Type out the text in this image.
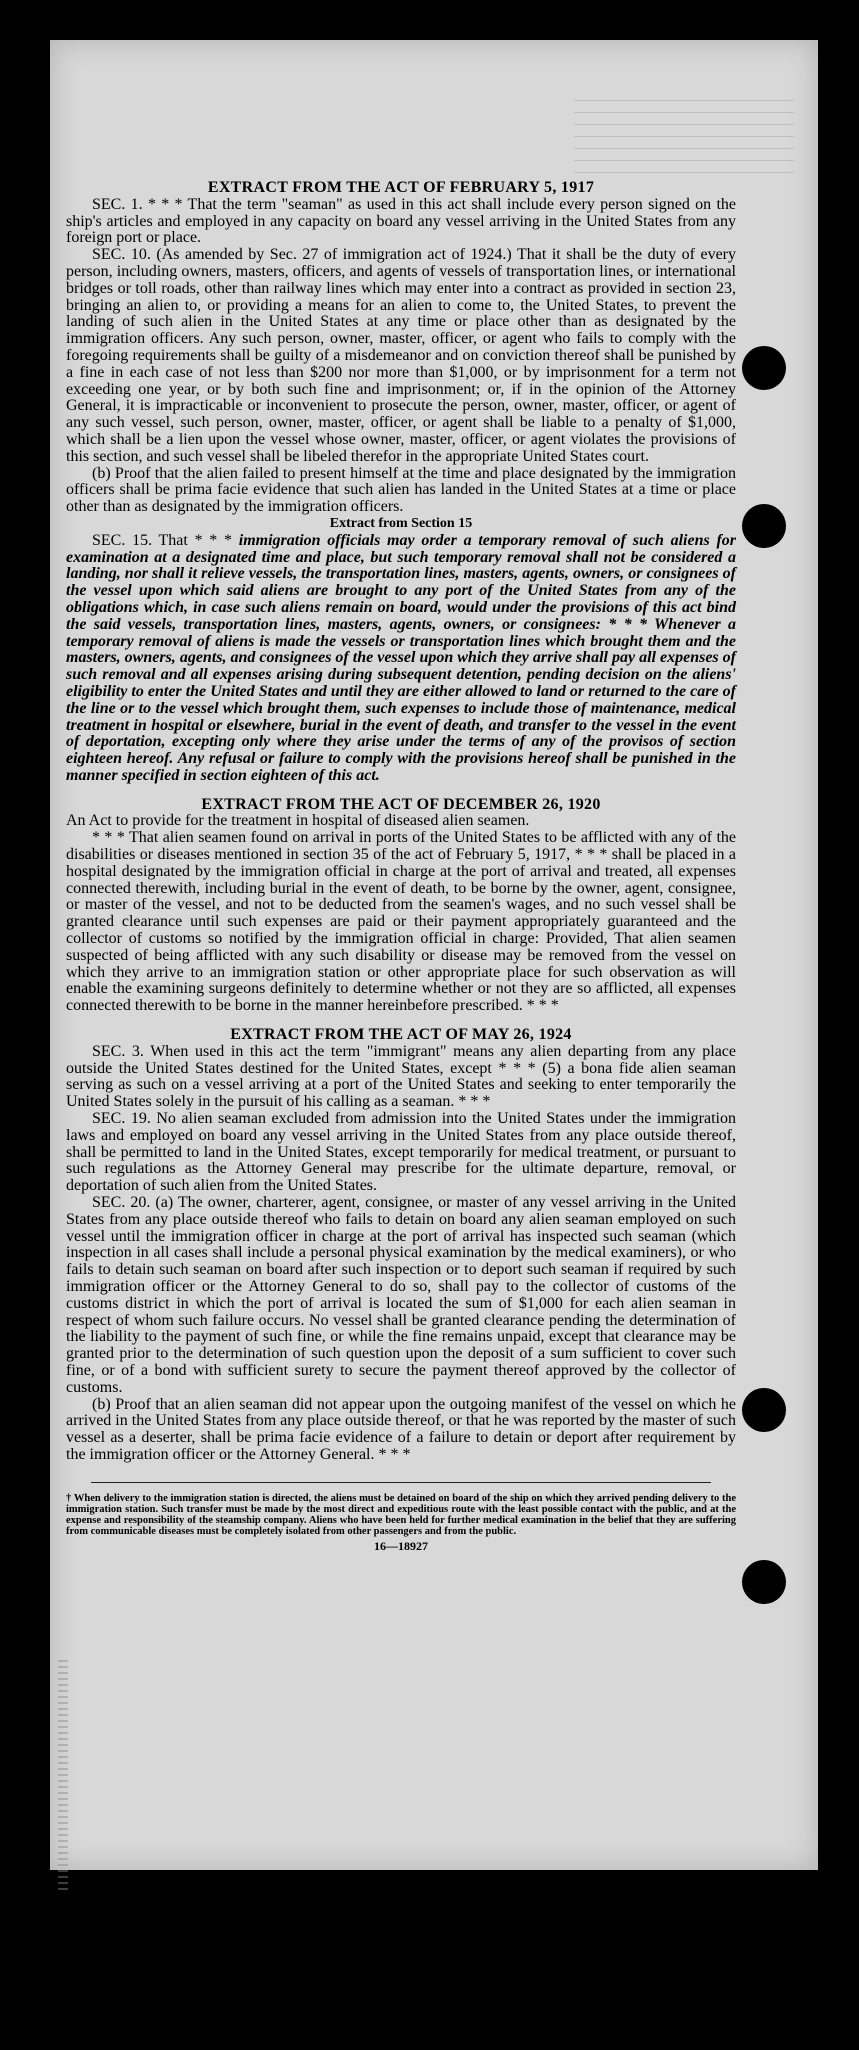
EXTRACT FROM THE ACT OF FEBRUARY 5, 1917

SEC. 1. * * * That the term "seaman" as used in this act shall include every person signed on the ship's articles and employed in any capacity on board any vessel arriving in the United States from any foreign port or place.

SEC. 10. (As amended by Sec. 27 of immigration act of 1924.) That it shall be the duty of every person, including owners, masters, officers, and agents of vessels of transportation lines, or international bridges or toll roads, other than railway lines which may enter into a contract as provided in section 23, bringing an alien to, or providing a means for an alien to come to, the United States, to prevent the landing of such alien in the United States at any time or place other than as designated by the immigration officers. Any such person, owner, master, officer, or agent who fails to comply with the foregoing requirements shall be guilty of a misdemeanor and on conviction thereof shall be punished by a fine in each case of not less than $200 nor more than $1,000, or by imprisonment for a term not exceeding one year, or by both such fine and imprisonment; or, if in the opinion of the Attorney General, it is impracticable or inconvenient to prosecute the person, owner, master, officer, or agent of any such vessel, such person, owner, master, officer, or agent shall be liable to a penalty of $1,000, which shall be a lien upon the vessel whose owner, master, officer, or agent violates the provisions of this section, and such vessel shall be libeled therefor in the appropriate United States court.

(b) Proof that the alien failed to present himself at the time and place designated by the immigration officers shall be prima facie evidence that such alien has landed in the United States at a time or place other than as designated by the immigration officers.

Extract from Section 15

SEC. 15. That * * * immigration officials may order a temporary removal of such aliens for examination at a designated time and place, but such temporary removal shall not be considered a landing, nor shall it relieve vessels, the transportation lines, masters, agents, owners, or consignees of the vessel upon which said aliens are brought to any port of the United States from any of the obligations which, in case such aliens remain on board, would under the provisions of this act bind the said vessels, transportation lines, masters, agents, owners, or consignees: * * * Whenever a temporary removal of aliens is made the vessels or transportation lines which brought them and the masters, owners, agents, and consignees of the vessel upon which they arrive shall pay all expenses of such removal and all expenses arising during subsequent detention, pending decision on the aliens' eligibility to enter the United States and until they are either allowed to land or returned to the care of the line or to the vessel which brought them, such expenses to include those of maintenance, medical treatment in hospital or elsewhere, burial in the event of death, and transfer to the vessel in the event of deportation, excepting only where they arise under the terms of any of the provisos of section eighteen hereof. Any refusal or failure to comply with the provisions hereof shall be punished in the manner specified in section eighteen of this act.

EXTRACT FROM THE ACT OF DECEMBER 26, 1920

An Act to provide for the treatment in hospital of diseased alien seamen.

* * * That alien seamen found on arrival in ports of the United States to be afflicted with any of the disabilities or diseases mentioned in section 35 of the act of February 5, 1917, * * * shall be placed in a hospital designated by the immigration official in charge at the port of arrival and treated, all expenses connected therewith, including burial in the event of death, to be borne by the owner, agent, consignee, or master of the vessel, and not to be deducted from the seamen's wages, and no such vessel shall be granted clearance until such expenses are paid or their payment appropriately guaranteed and the collector of customs so notified by the immigration official in charge: Provided, That alien seamen suspected of being afflicted with any such disability or disease may be removed from the vessel on which they arrive to an immigration station or other appropriate place for such observation as will enable the examining surgeons definitely to determine whether or not they are so afflicted, all expenses connected therewith to be borne in the manner hereinbefore prescribed. * * *

EXTRACT FROM THE ACT OF MAY 26, 1924

SEC. 3. When used in this act the term "immigrant" means any alien departing from any place outside the United States destined for the United States, except * * * (5) a bona fide alien seaman serving as such on a vessel arriving at a port of the United States and seeking to enter temporarily the United States solely in the pursuit of his calling as a seaman. * * *

SEC. 19. No alien seaman excluded from admission into the United States under the immigration laws and employed on board any vessel arriving in the United States from any place outside thereof, shall be permitted to land in the United States, except temporarily for medical treatment, or pursuant to such regulations as the Attorney General may prescribe for the ultimate departure, removal, or deportation of such alien from the United States.

SEC. 20. (a) The owner, charterer, agent, consignee, or master of any vessel arriving in the United States from any place outside thereof who fails to detain on board any alien seaman employed on such vessel until the immigration officer in charge at the port of arrival has inspected such seaman (which inspection in all cases shall include a personal physical examination by the medical examiners), or who fails to detain such seaman on board after such inspection or to deport such seaman if required by such immigration officer or the Attorney General to do so, shall pay to the collector of customs of the customs district in which the port of arrival is located the sum of $1,000 for each alien seaman in respect of whom such failure occurs. No vessel shall be granted clearance pending the determination of the liability to the payment of such fine, or while the fine remains unpaid, except that clearance may be granted prior to the determination of such question upon the deposit of a sum sufficient to cover such fine, or of a bond with sufficient surety to secure the payment thereof approved by the collector of customs.

(b) Proof that an alien seaman did not appear upon the outgoing manifest of the vessel on which he arrived in the United States from any place outside thereof, or that he was reported by the master of such vessel as a deserter, shall be prima facie evidence of a failure to detain or deport after requirement by the immigration officer or the Attorney General. * * *

† When delivery to the immigration station is directed, the aliens must be detained on board of the ship on which they arrived pending delivery to the immigration station. Such transfer must be made by the most direct and expeditious route with the least possible contact with the public, and at the expense and responsibility of the steamship company. Aliens who have been held for further medical examination in the belief that they are suffering from communicable diseases must be completely isolated from other passengers and from the public.

16—18927
